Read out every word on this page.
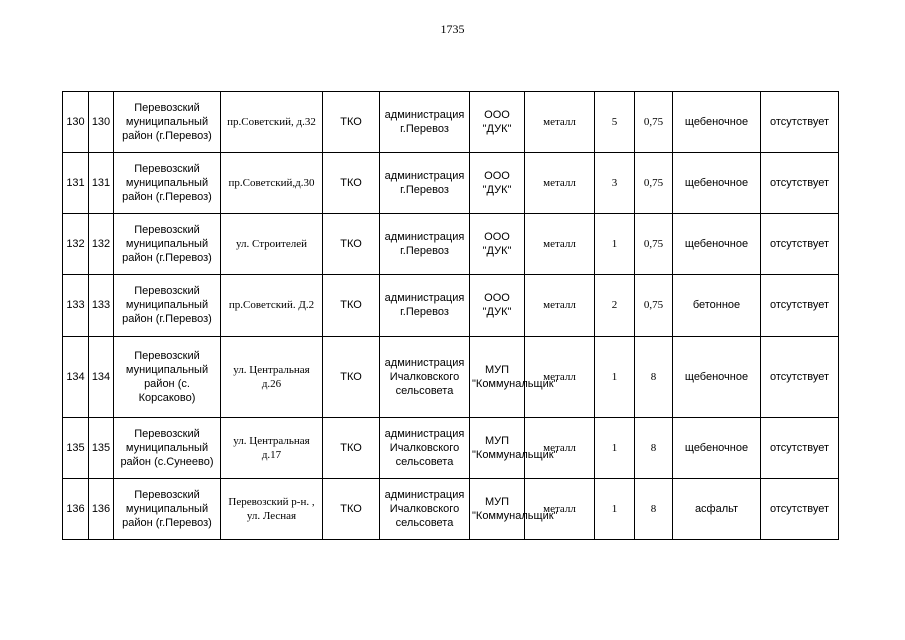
1735
130	130	Перевозский муниципальный район (г.Перевоз)	пр.Советский, д.32	ТКО	администрация г.Перевоз	ООО "ДУК"	металл	5	0,75	щебеночное	отсутствует
131	131	Перевозский муниципальный район (г.Перевоз)	пр.Советский,д.30	ТКО	администрация г.Перевоз	ООО "ДУК"	металл	3	0,75	щебеночное	отсутствует
132	132	Перевозский муниципальный район (г.Перевоз)	ул. Строителей	ТКО	администрация г.Перевоз	ООО "ДУК"	металл	1	0,75	щебеночное	отсутствует
133	133	Перевозский муниципальный район (г.Перевоз)	пр.Советский. Д.2	ТКО	администрация г.Перевоз	ООО "ДУК"	металл	2	0,75	бетонное	отсутствует
134	134	Перевозский муниципальный район (с. Корсаково)	ул. Центральная д.26	ТКО	администрация Ичалковского сельсовета	МУП "Коммунальщик"	металл	1	8	щебеночное	отсутствует
135	135	Перевозский муниципальный район (с.Сунеево)	ул. Центральная д.17	ТКО	администрация Ичалковского сельсовета	МУП "Коммунальщик"	металл	1	8	щебеночное	отсутствует
136	136	Перевозский муниципальный район (г.Перевоз)	Перевозский р-н. , ул. Лесная	ТКО	администрация Ичалковского сельсовета	МУП "Коммунальщик"	металл	1	8	асфальт	отсутствует
